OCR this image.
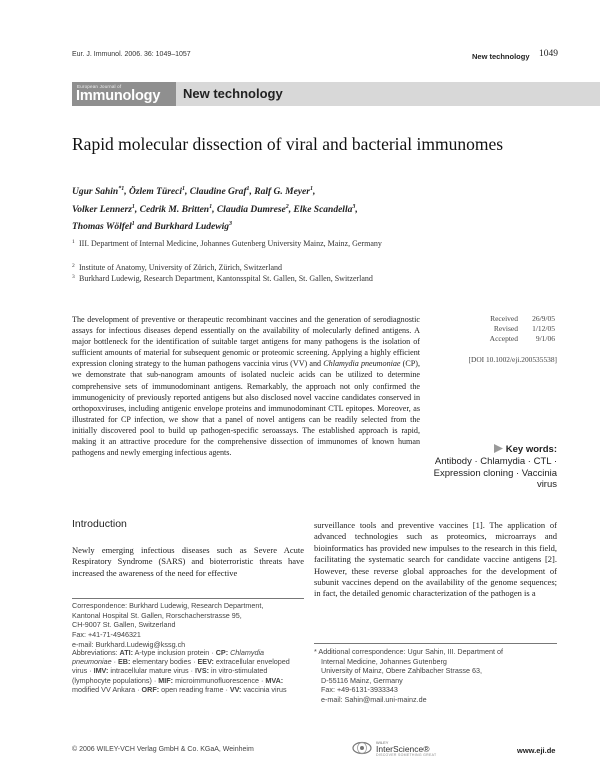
Eur. J. Immunol. 2006. 36: 1049–1057	New technology 1049
European Journal of
Immunology New technology
Rapid molecular dissection of viral and bacterial immunomes
Ugur Sahin$^{*1}$, Özlem Türeci$^1$, Claudine Graf$^1$, Ralf G. Meyer$^1$,
Volker Lennerz$^1$, Cedrik M. Britten$^1$, Claudia Dumrese$^2$, Elke Scandella$^3$,
Thomas Wölfel$^1$ and Burkhard Ludewig$^3$
1 III. Department of Internal Medicine, Johannes Gutenberg University Mainz, Mainz, Germany
2 Institute of Anatomy, University of Zürich, Zürich, Switzerland
3 Burkhard Ludewig, Research Department, Kantonsspital St. Gallen, St. Gallen, Switzerland
The development of preventive or therapeutic recombinant vaccines and the generation of serodiagnostic assays for infectious diseases depend essentially on the availability of molecularly defined antigens. A major bottleneck for the identification of suitable target antigens for many pathogens is the isolation of sufficient amounts of material for subsequent genomic or proteomic screening. Applying a highly efficient expression cloning strategy to the human pathogens vaccinia virus (VV) and Chlamydia pneumoniae (CP), we demonstrate that sub-nanogram amounts of isolated nucleic acids can be utilized to determine comprehensive sets of immunodominant antigens. Remarkably, the approach not only confirmed the immunogenicity of previously reported antigens but also disclosed novel vaccine candidates conserved in orthopoxviruses, including antigenic envelope proteins and immunodominant CTL epitopes. Moreover, as illustrated for CP infection, we show that a panel of novel antigens can be readily selected from the initially discovered pool to build up pathogen-specific seroassays. The established approach is rapid, making it an attractive procedure for the comprehensive dissection of immunomes of known human pathogens and newly emerging infectious agents.
Received 26/9/05
Revised 1/12/05
Accepted 9/1/06
[DOI 10.1002/eji.200535538]
Key words:
Antibody · Chlamydia · CTL · Expression cloning · Vaccinia virus
Introduction
Newly emerging infectious diseases such as Severe Acute Respiratory Syndrome (SARS) and bioterroristic threats have increased the awareness of the need for effective
surveillance tools and preventive vaccines [1]. The application of advanced technologies such as proteomics, microarrays and bioinformatics has provided new impulses to the research in this field, facilitating the systematic search for candidate vaccine antigens [2]. However, these reverse global approaches for the development of subunit vaccines depend on the availability of the genome sequences; in fact, the detailed genomic characterization of the pathogen is a
Correspondence: Burkhard Ludewig, Research Department,
Kantonal Hospital St. Gallen, Rorschacherstrasse 95,
CH-9007 St. Gallen, Switzerland
Fax: +41-71-4946321
e-mail: Burkhard.Ludewig@kssg.ch
Abbreviations: ATI: A-type inclusion protein · CP: Chlamydia pneumoniae · EB: elementary bodies · EEV: extracellular enveloped virus · IMV: intracellular mature virus · IVS: in vitro-stimulated (lymphocyte populations) · MIF: microimmunofluorescence · MVA: modified VV Ankara · ORF: open reading frame · VV: vaccinia virus
* Additional correspondence: Ugur Sahin, III. Department of
Internal Medicine, Johannes Gutenberg
University of Mainz, Obere Zahlbacher Strasse 63,
D-55116 Mainz, Germany
Fax: +49-6131-3933343
e-mail: Sahin@mail.uni-mainz.de
© 2006 WILEY-VCH Verlag GmbH & Co. KGaA, Weinheim
WILEY
InterScience®
DISCOVER SOMETHING GREAT	www.eji.de
